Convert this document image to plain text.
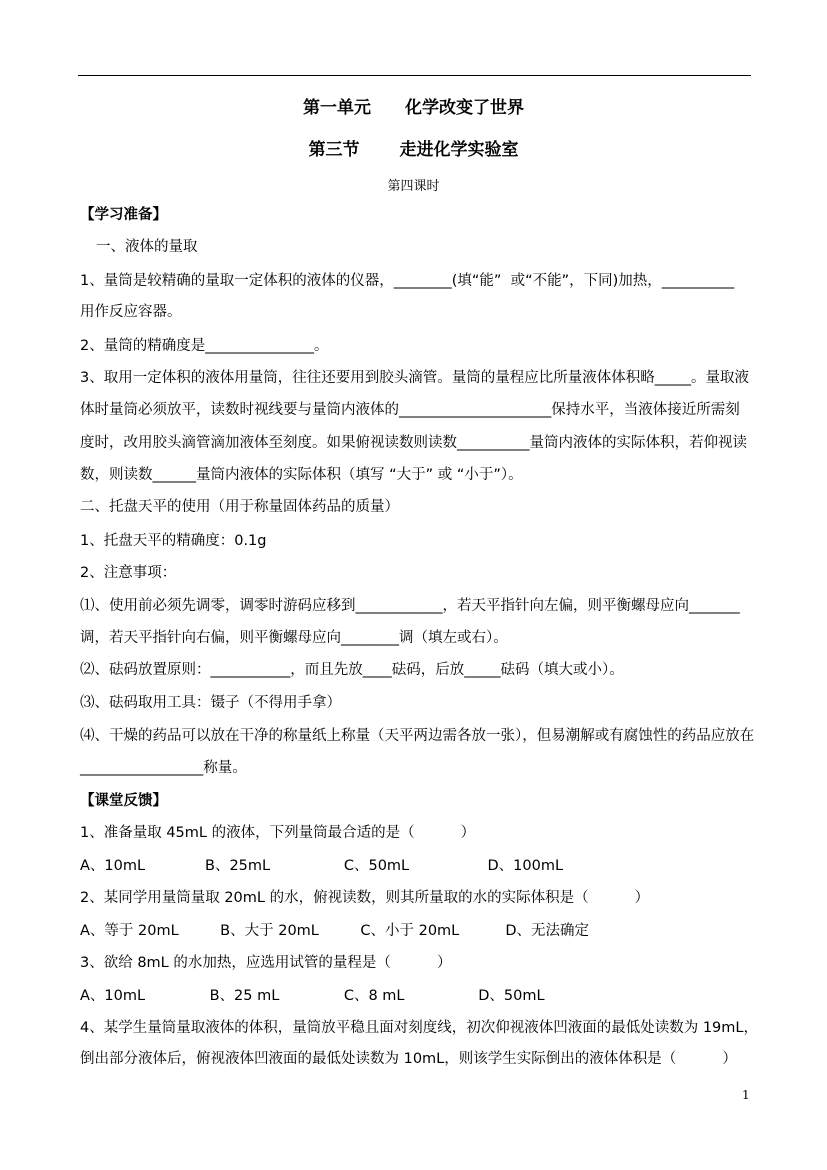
第一单元　　化学改变了世界
第三节　　 走进化学实验室
第四课时
【学习准备】
一、液体的量取
1、量筒是较精确的量取一定体积的液体的仪器，________(填“能”  或“不能”，下同)加热，__________
用作反应容器。
2、量筒的精确度是_______________。
3、取用一定体积的液体用量筒，往往还要用到胶头滴管。量筒的量程应比所量液体体积略_____。量取液
体时量筒必须放平，读数时视线要与量筒内液体的_____________________保持水平，当液体接近所需刻
度时，改用胶头滴管滴加液体至刻度。如果俯视读数则读数__________量筒内液体的实际体积，若仰视读
数，则读数______量筒内液体的实际体积（填写 “大于” 或 “小于”）。
二、托盘天平的使用（用于称量固体药品的质量）
1、托盘天平的精确度：0.1g
2、注意事项：
⑴、使用前必须先调零，调零时游码应移到____________，若天平指针向左偏，则平衡螺母应向_______
调，若天平指针向右偏，则平衡螺母应向________调（填左或右）。
⑵、砝码放置原则：___________，而且先放____砝码，后放_____砝码（填大或小）。
⑶、砝码取用工具：镊子（不得用手拿）
⑷、干燥的药品可以放在干净的称量纸上称量（天平两边需各放一张），但易潮解或有腐蚀性的药品应放在
_________________称量。
【课堂反馈】
1、准备量取 45mL 的液体，下列量筒最合适的是（          ）
A、10mL             B、25mL                C、50mL                 D、100mL
2、某同学用量筒量取 20mL 的水，俯视读数，则其所量取的水的实际体积是（          ）
A、等于 20mL         B、大于 20mL         C、小于 20mL          D、无法确定
3、欲给 8mL 的水加热，应选用试管的量程是（          ）
A、10mL              B、25 mL              C、8 mL                D、50mL
4、某学生量筒量取液体的体积，量筒放平稳且面对刻度线，初次仰视液体凹液面的最低处读数为 19mL，
倒出部分液体后，俯视液体凹液面的最低处读数为 10mL，则该学生实际倒出的液体体积是（          ）
1
